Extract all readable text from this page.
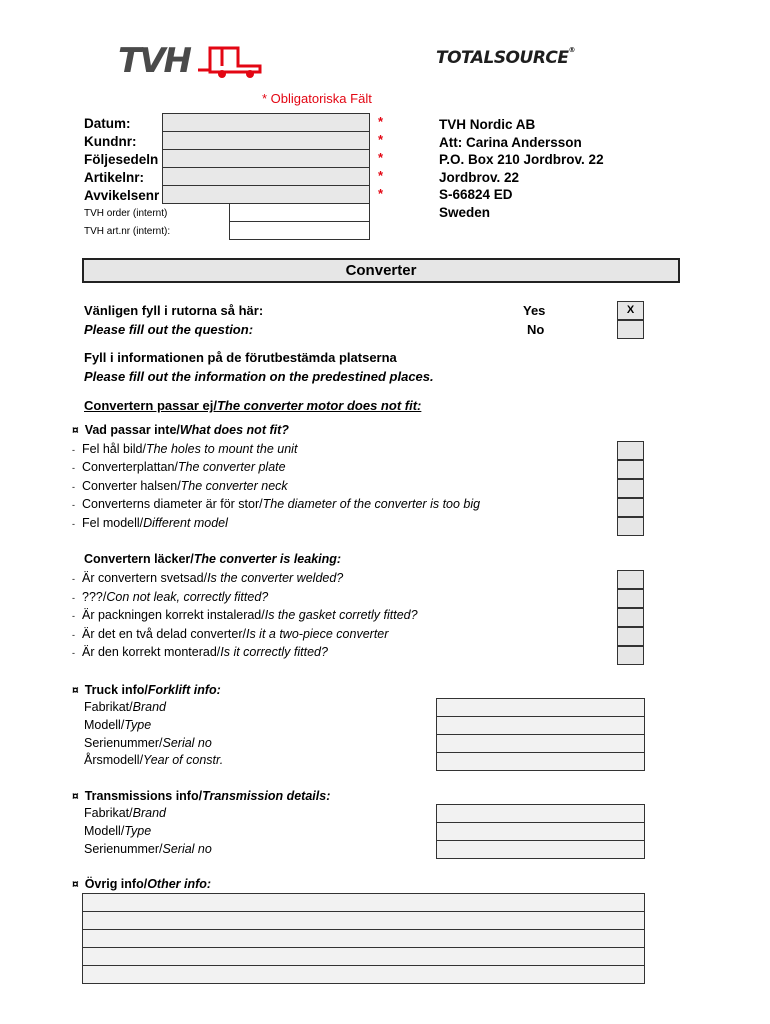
TVH	TOTALSOURCE®
* Obligatoriska Fält
Datum:
Kundnr:
Följesedeln
Artikelnr:
Avvikelsenr
*
*
*
*
*
TVH order (internt)
TVH art.nr (internt):
TVH Nordic AB
Att: Carina Andersson
P.O. Box 210 Jordbrov. 22
Jordbrov. 22
S-66824 ED
Sweden
Converter
Vänligen fyll i rutorna så här:
Please fill out the question:
Yes
No
X
Fyll i informationen på de förutbestämda platserna
Please fill out the information on the predestined places.
Convertern passar ej/The converter motor does not fit:
¤ Vad passar inte/What does not fit?
- Fel hål bild/The holes to mount the unit
- Converterplattan/The converter plate
- Converter halsen/The converter neck
- Converterns diameter är för stor/The diameter of the converter is too big
- Fel modell/Different model
Convertern läcker/The converter is leaking:
- Är convertern svetsad/Is the converter welded?
- ???/Con not leak, correctly fitted?
- Är packningen korrekt instalerad/Is the gasket corretly fitted?
- Är det en två delad converter/Is it a two-piece converter
- Är den korrekt monterad/Is it correctly fitted?
¤ Truck info/Forklift info:
Fabrikat/Brand
Modell/Type
Serienummer/Serial no
Årsmodell/Year of constr.
¤ Transmissions info/Transmission details:
Fabrikat/Brand
Modell/Type
Serienummer/Serial no
¤ Övrig info/Other info:
